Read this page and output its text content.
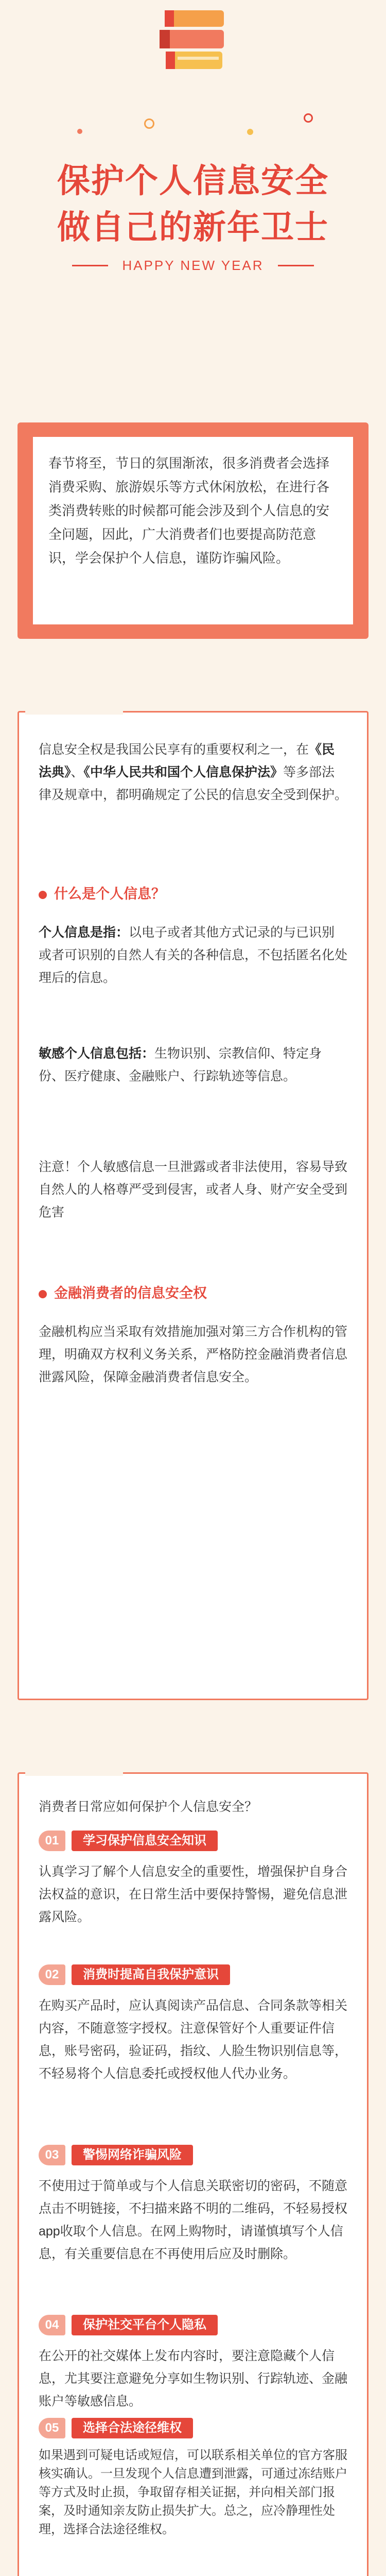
保护个人信息安全
做自己的新年卫士
HAPPY NEW YEAR
春节将至，节日的氛围渐浓，很多消费者会选择消费采购、旅游娱乐等方式休闲放松，在进行各类消费转账的时候都可能会涉及到个人信息的安全问题，因此，广大消费者们也要提高防范意识，学会保护个人信息，谨防诈骗风险。
信息安全权是我国公民享有的重要权利之一，在《民法典》、《中华人民共和国个人信息保护法》等多部法律及规章中，都明确规定了公民的信息安全受到保护。
什么是个人信息？
个人信息是指：以电子或者其他方式记录的与已识别或者可识别的自然人有关的各种信息，不包括匿名化处理后的信息。
敏感个人信息包括：生物识别、宗教信仰、特定身份、医疗健康、金融账户、行踪轨迹等信息。
注意！个人敏感信息一旦泄露或者非法使用，容易导致自然人的人格尊严受到侵害，或者人身、财产安全受到危害
金融消费者的信息安全权
金融机构应当采取有效措施加强对第三方合作机构的管理，明确双方权利义务关系，严格防控金融消费者信息泄露风险，保障金融消费者信息安全。
消费者日常应如何保护个人信息安全？
01	学习保护信息安全知识
认真学习了解个人信息安全的重要性，增强保护自身合法权益的意识，在日常生活中要保持警惕，避免信息泄露风险。
02	消费时提高自我保护意识
在购买产品时，应认真阅读产品信息、合同条款等相关内容，不随意签字授权。注意保管好个人重要证件信息，账号密码，验证码，指纹、人脸生物识别信息等，不轻易将个人信息委托或授权他人代办业务。
03	警惕网络诈骗风险
不使用过于简单或与个人信息关联密切的密码，不随意点击不明链接，不扫描来路不明的二维码，不轻易授权app收取个人信息。在网上购物时，请谨慎填写个人信息，有关重要信息在不再使用后应及时删除。
04	保护社交平台个人隐私
在公开的社交媒体上发布内容时，要注意隐藏个人信息，尤其要注意避免分享如生物识别、行踪轨迹、金融账户等敏感信息。
05	选择合法途径维权
如果遇到可疑电话或短信，可以联系相关单位的官方客服核实确认。一旦发现个人信息遭到泄露，可通过冻结账户等方式及时止损，争取留存相关证据，并向相关部门报案，及时通知亲友防止损失扩大。总之，应冷静理性处理，选择合法途径维权。
